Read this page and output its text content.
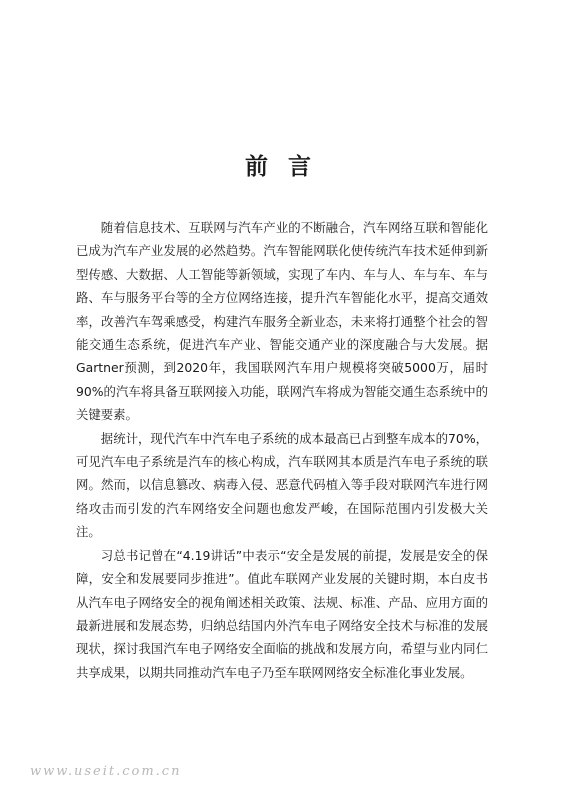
前 言

随着信息技术、互联网与汽车产业的不断融合，汽车网络互联和智能化已成为汽车产业发展的必然趋势。汽车智能网联化使传统汽车技术延伸到新型传感、大数据、人工智能等新领域，实现了车内、车与人、车与车、车与路、车与服务平台等的全方位网络连接，提升汽车智能化水平，提高交通效率，改善汽车驾乘感受，构建汽车服务全新业态，未来将打通整个社会的智能交通生态系统，促进汽车产业、智能交通产业的深度融合与大发展。据Gartner预测，到2020年，我国联网汽车用户规模将突破5000万，届时90%的汽车将具备互联网接入功能，联网汽车将成为智能交通生态系统中的关键要素。

据统计，现代汽车中汽车电子系统的成本最高已占到整车成本的70%，可见汽车电子系统是汽车的核心构成，汽车联网其本质是汽车电子系统的联网。然而，以信息篡改、病毒入侵、恶意代码植入等手段对联网汽车进行网络攻击而引发的汽车网络安全问题也愈发严峻，在国际范围内引发极大关注。

习总书记曾在“4.19讲话”中表示“安全是发展的前提，发展是安全的保障，安全和发展要同步推进”。值此车联网产业发展的关键时期，本白皮书从汽车电子网络安全的视角阐述相关政策、法规、标准、产品、应用方面的最新进展和发展态势，归纳总结国内外汽车电子网络安全技术与标准的发展现状，探讨我国汽车电子网络安全面临的挑战和发展方向，希望与业内同仁共享成果，以期共同推动汽车电子乃至车联网网络安全标准化事业发展。

www.useit.com.cn
